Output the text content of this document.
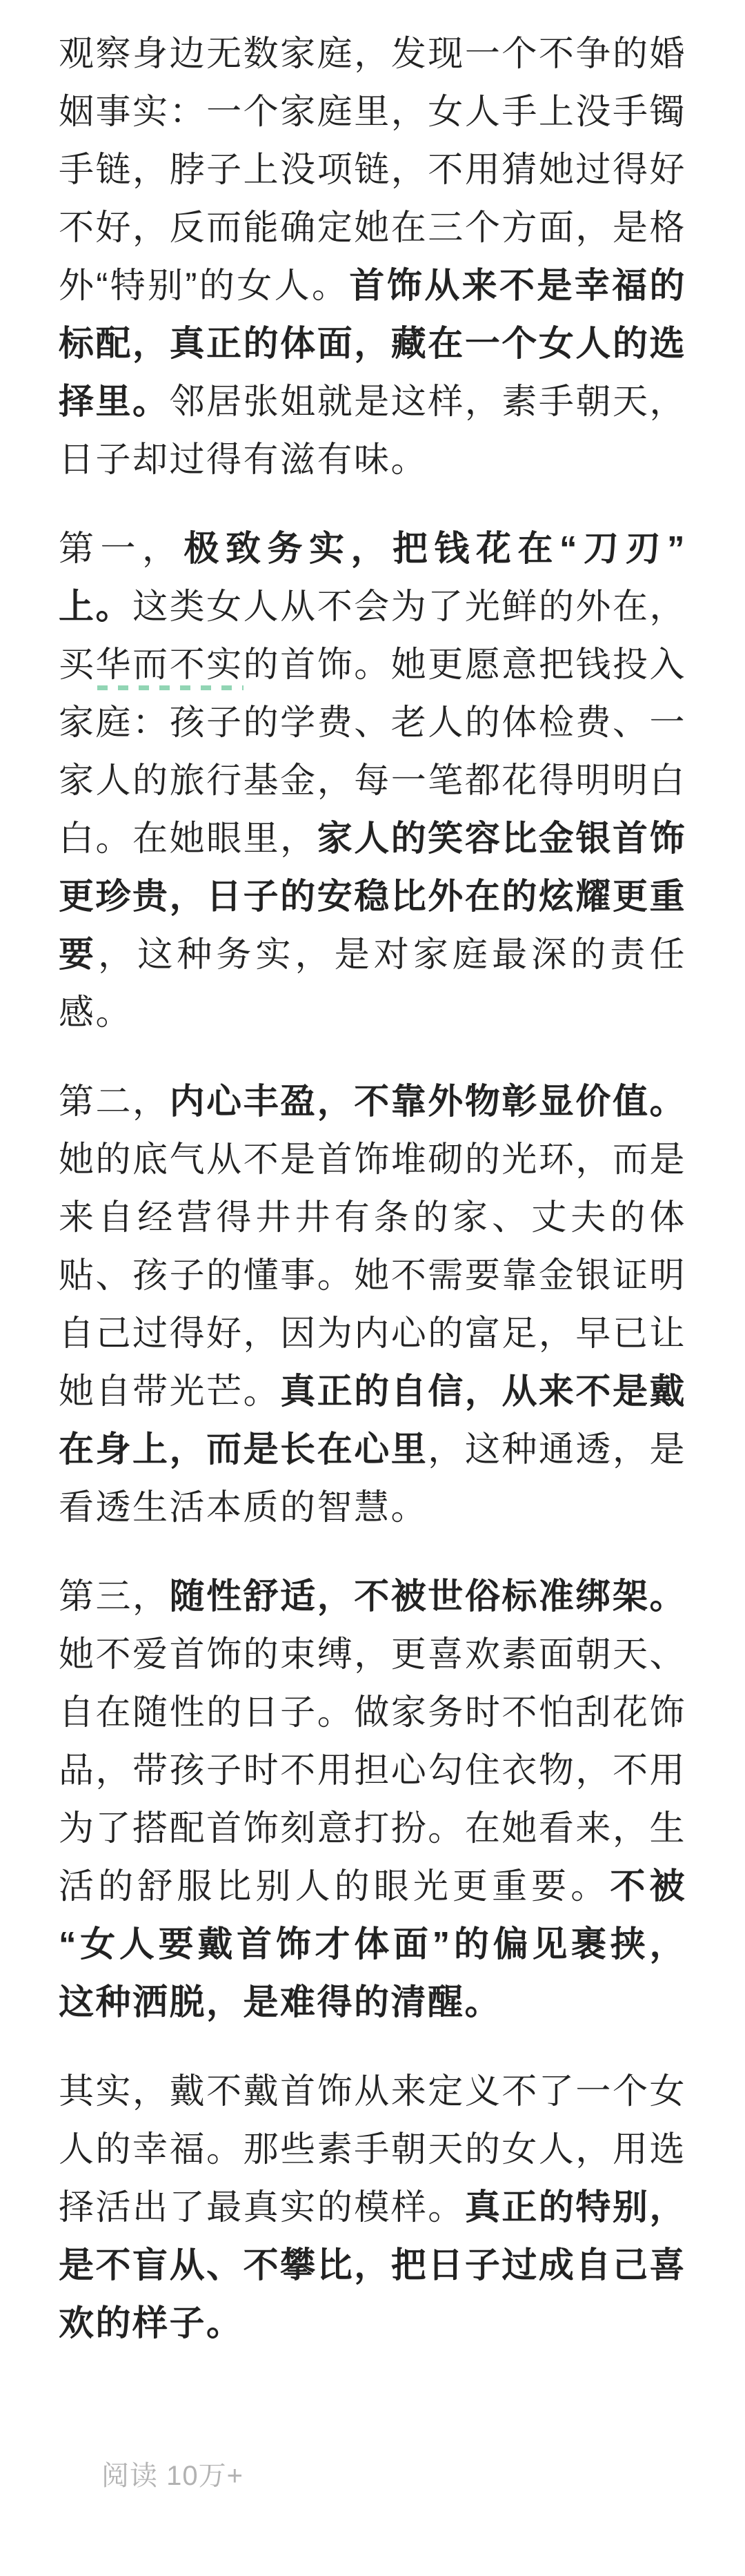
观察身边无数家庭，发现一个不争的婚姻事实：一个家庭里，女人手上没手镯手链，脖子上没项链，不用猜她过得好不好，反而能确定她在三个方面，是格外“特别”的女人。首饰从来不是幸福的标配，真正的体面，藏在一个女人的选择里。邻居张姐就是这样，素手朝天，日子却过得有滋有味。

第一，极致务实，把钱花在“刀刃”上。这类女人从不会为了光鲜的外在，买华而不实的首饰。她更愿意把钱投入家庭：孩子的学费、老人的体检费、一家人的旅行基金，每一笔都花得明明白白。在她眼里，家人的笑容比金银首饰更珍贵，日子的安稳比外在的炫耀更重要，这种务实，是对家庭最深的责任感。

第二，内心丰盈，不靠外物彰显价值。她的底气从不是首饰堆砌的光环，而是来自经营得井井有条的家、丈夫的体贴、孩子的懂事。她不需要靠金银证明自己过得好，因为内心的富足，早已让她自带光芒。真正的自信，从来不是戴在身上，而是长在心里，这种通透，是看透生活本质的智慧。

第三，随性舒适，不被世俗标准绑架。她不爱首饰的束缚，更喜欢素面朝天、自在随性的日子。做家务时不怕刮花饰品，带孩子时不用担心勾住衣物，不用为了搭配首饰刻意打扮。在她看来，生活的舒服比别人的眼光更重要。不被“女人要戴首饰才体面”的偏见裹挟，这种洒脱，是难得的清醒。

其实，戴不戴首饰从来定义不了一个女人的幸福。那些素手朝天的女人，用选择活出了最真实的模样。真正的特别，是不盲从、不攀比，把日子过成自己喜欢的样子。

阅读 10万+
